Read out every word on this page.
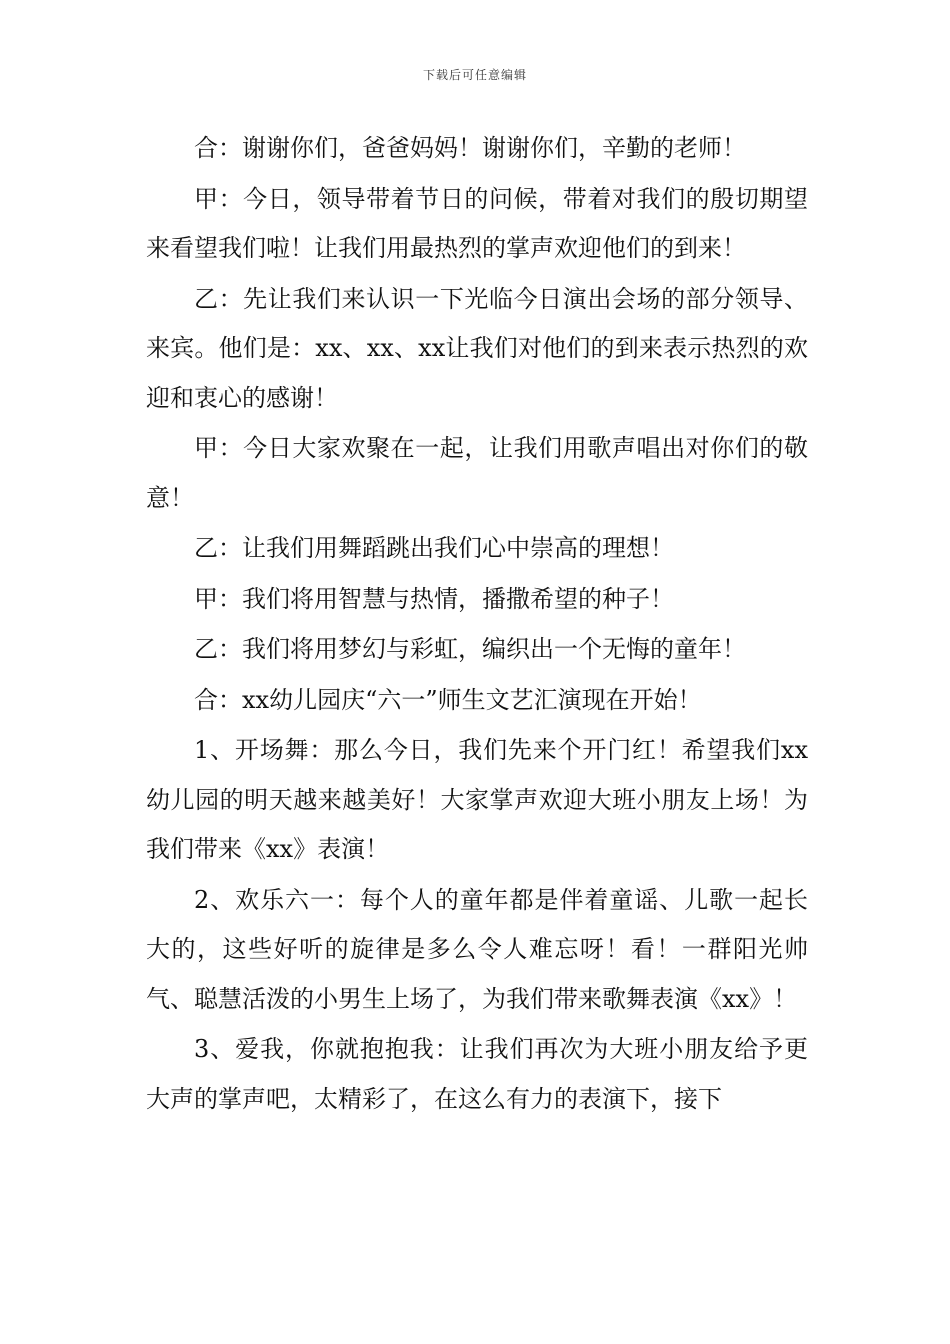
下载后可任意编辑

合：谢谢你们，爸爸妈妈！谢谢你们，辛勤的老师！

甲：今日，领导带着节日的问候，带着对我们的殷切期望来看望我们啦！让我们用最热烈的掌声欢迎他们的到来！

乙：先让我们来认识一下光临今日演出会场的部分领导、来宾。他们是：xx、xx、xx让我们对他们的到来表示热烈的欢迎和衷心的感谢！

甲：今日大家欢聚在一起，让我们用歌声唱出对你们的敬意！

乙：让我们用舞蹈跳出我们心中崇高的理想！

甲：我们将用智慧与热情，播撒希望的种子！

乙：我们将用梦幻与彩虹，编织出一个无悔的童年！

合：xx幼儿园庆“六一”师生文艺汇演现在开始！

1、开场舞：那么今日，我们先来个开门红！希望我们xx幼儿园的明天越来越美好！大家掌声欢迎大班小朋友上场！为我们带来《xx》表演！

2、欢乐六一：每个人的童年都是伴着童谣、儿歌一起长大的，这些好听的旋律是多么令人难忘呀！看！一群阳光帅气、聪慧活泼的小男生上场了，为我们带来歌舞表演《xx》！

3、爱我，你就抱抱我：让我们再次为大班小朋友给予更大声的掌声吧，太精彩了，在这么有力的表演下，接下
